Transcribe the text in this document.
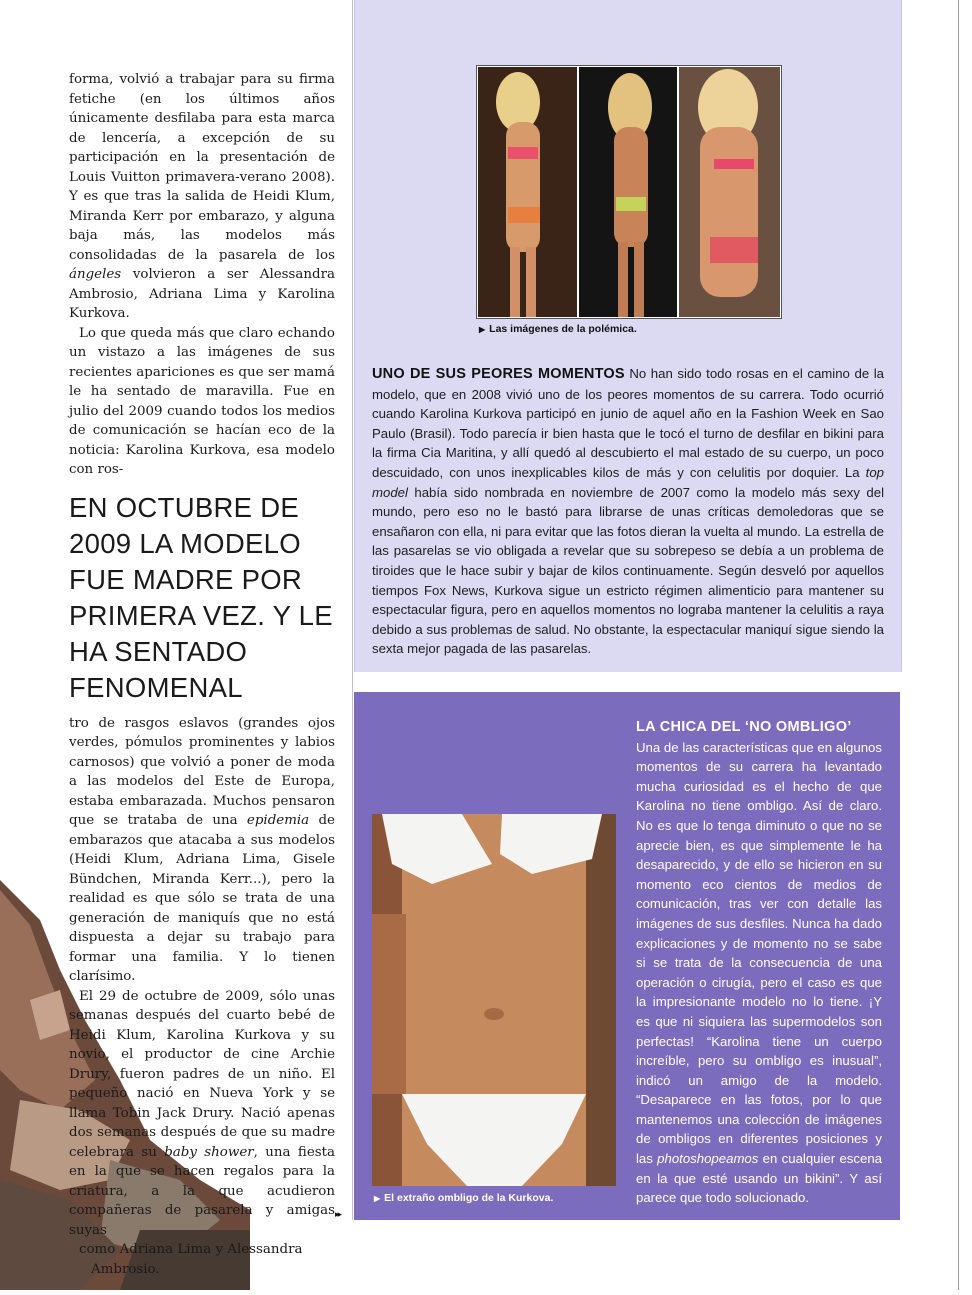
forma, volvió a trabajar para su firma fetiche (en los últimos años únicamente desfilaba para esta marca de lencería, a excepción de su participación en la presentación de Louis Vuitton primavera-verano 2008). Y es que tras la salida de Heidi Klum, Miranda Kerr por embarazo, y alguna baja más, las modelos más consolidadas de la pasarela de los ángeles volvieron a ser Alessandra Ambrosio, Adriana Lima y Karolina Kurkova.

Lo que queda más que claro echando un vistazo a las imágenes de sus recientes apariciones es que ser mamá le ha sentado de maravilla. Fue en julio del 2009 cuando todos los medios de comunicación se hacían eco de la noticia: Karolina Kurkova, esa modelo con ros-

EN OCTUBRE DE 2009 LA MODELO FUE MADRE POR PRIMERA VEZ. Y LE HA SENTADO FENOMENAL

tro de rasgos eslavos (grandes ojos verdes, pómulos prominentes y labios carnosos) que volvió a poner de moda a las modelos del Este de Europa, estaba embarazada. Muchos pensaron que se trataba de una epidemia de embarazos que atacaba a sus modelos (Heidi Klum, Adriana Lima, Gisele Bündchen, Miranda Kerr...), pero la realidad es que sólo se trata de una generación de maniquís que no está dispuesta a dejar su trabajo para formar una familia. Y lo tienen clarísimo.

El 29 de octubre de 2009, sólo unas semanas después del cuarto bebé de Heidi Klum, Karolina Kurkova y su novio, el productor de cine Archie Drury, fueron padres de un niño. El pequeño nació en Nueva York y se llama Tobin Jack Drury. Nació apenas dos semanas después de que su madre celebrara su baby shower, una fiesta en la que se hacen regalos para la criatura, a la que acudieron compañeras de pasarela y amigas suyas

como Adriana Lima y Alessandra

Ambrosio.

▶ Las imágenes de la polémica.
UNO DE SUS PEORES MOMENTOS No han sido todo rosas en el camino de la modelo, que en 2008 vivió uno de los peores momentos de su carrera. Todo ocurrió cuando Karolina Kurkova participó en junio de aquel año en la Fashion Week en Sao Paulo (Brasil). Todo parecía ir bien hasta que le tocó el turno de desfilar en bikini para la firma Cia Maritina, y allí quedó al descubierto el mal estado de su cuerpo, un poco descuidado, con unos inexplicables kilos de más y con celulitis por doquier. La top model había sido nombrada en noviembre de 2007 como la modelo más sexy del mundo, pero eso no le bastó para librarse de unas críticas demoledoras que se ensañaron con ella, ni para evitar que las fotos dieran la vuelta al mundo. La estrella de las pasarelas se vio obligada a revelar que su sobrepeso se debía a un problema de tiroides que le hace subir y bajar de kilos continuamente. Según desveló por aquellos tiempos Fox News, Kurkova sigue un estricto régimen alimenticio para mantener su espectacular figura, pero en aquellos momentos no lograba mantener la celulitis a raya debido a sus problemas de salud. No obstante, la espectacular maniquí sigue siendo la sexta mejor pagada de las pasarelas.
▶ El extraño ombligo de la Kurkova.
LA CHICA DEL ‘NO OMBLIGO’
Una de las características que en algunos momentos de su carrera ha levantado mucha curiosidad es el hecho de que Karolina no tiene ombligo. Así de claro. No es que lo tenga diminuto o que no se aprecie bien, es que simplemente le ha desaparecido, y de ello se hicieron en su momento eco cientos de medios de comunicación, tras ver con detalle las imágenes de sus desfiles. Nunca ha dado explicaciones y de momento no se sabe si se trata de la consecuencia de una operación o cirugía, pero el caso es que la impresionante modelo no lo tiene. ¡Y es que ni siquiera las supermodelos son perfectas! “Karolina tiene un cuerpo increíble, pero su ombligo es inusual”, indicó un amigo de la modelo. “Desaparece en las fotos, por lo que mantenemos una colección de imágenes de ombligos en diferentes posiciones y las photoshopeamos en cualquier escena en la que esté usando un bikini”. Y así parece que todo solucionado.
▸▸
